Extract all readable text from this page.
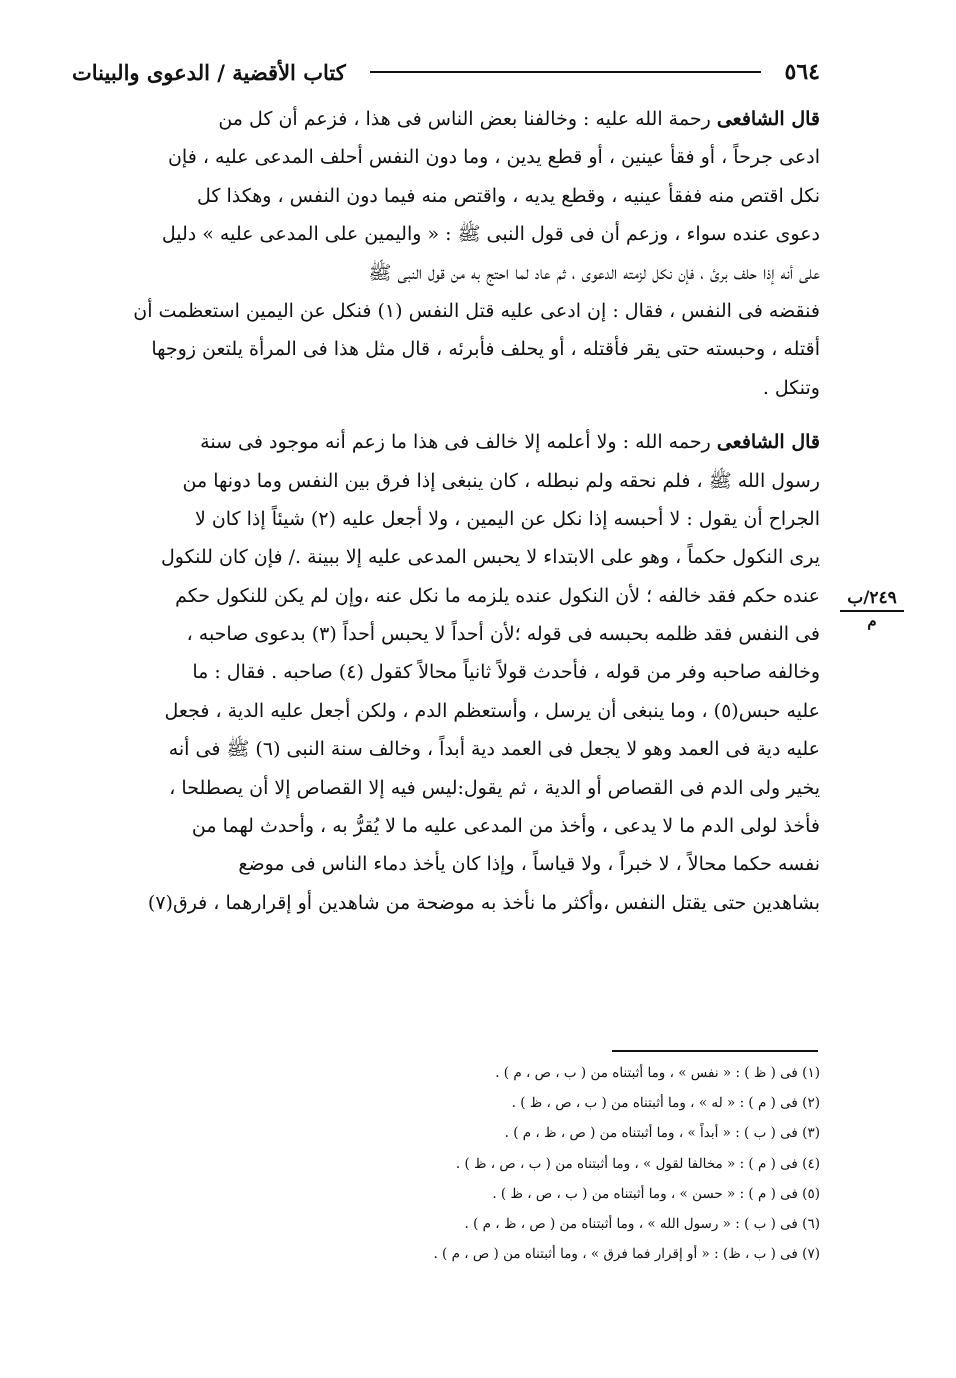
٥٦٤
كتاب الأقضية / الدعوى والبينات

قال الشافعى رحمة الله عليه : وخالفنا بعض الناس فى هذا ، فزعم أن كل من
ادعى جرحاً ، أو فقأ عينين ، أو قطع يدين ، وما دون النفس أحلف المدعى عليه ، فإن
نكل اقتص منه ففقأ عينيه ، وقطع يديه ، واقتص منه فيما دون النفس ، وهكذا كل
دعوى عنده سواء ، وزعم أن فى قول النبى ﷺ : « واليمين على المدعى عليه » دليل
على أنه إذا حلف برئ ، فإن نكل لزمته الدعوى ، ثم عاد لما احتج به من قول النبى ﷺ
فنقضه فى النفس ، فقال : إن ادعى عليه قتل النفس (١) فنكل عن اليمين استعظمت أن
أقتله ، وحبسته حتى يقر فأقتله ، أو يحلف فأبرئه ، قال مثل هذا فى المرأة يلتعن زوجها
وتنكل .

قال الشافعى رحمه الله : ولا أعلمه إلا خالف فى هذا ما زعم أنه موجود فى سنة
رسول الله ﷺ ، فلم نحقه ولم نبطله ، كان ينبغى إذا فرق بين النفس وما دونها من
الجراح أن يقول : لا أحبسه إذا نكل عن اليمين ، ولا أجعل عليه (٢) شيئاً إذا كان لا
يرى النكول حكماً ، وهو على الابتداء لا يحبس المدعى عليه إلا ببينة ./ فإن كان للنكول
عنده حكم فقد خالفه ؛ لأن النكول عنده يلزمه ما نكل عنه ،وإن لم يكن للنكول حكم
فى النفس فقد ظلمه بحبسه فى قوله ؛لأن أحداً لا يحبس أحداً (٣) بدعوى صاحبه ،
وخالفه صاحبه وفر من قوله ، فأحدث قولاً ثانياً محالاً كقول (٤) صاحبه . فقال : ما
عليه حبس(٥) ، وما ينبغى أن يرسل ، وأستعظم الدم ، ولكن أجعل عليه الدية ، فجعل
عليه دية فى العمد وهو لا يجعل فى العمد دية أبداً ، وخالف سنة النبى (٦) ﷺ فى أنه
يخير ولى الدم فى القصاص أو الدية ، ثم يقول:ليس فيه إلا القصاص إلا أن يصطلحا ،
فأخذ لولى الدم ما لا يدعى ، وأخذ من المدعى عليه ما لا يُقرُّ به ، وأحدث لهما من
نفسه حكما محالاً ، لا خبراً ، ولا قياساً ، وإذا كان يأخذ دماء الناس فى موضع
بشاهدين حتى يقتل النفس ،وأكثر ما نأخذ به موضحة من شاهدين أو إقرارهما ، فرق(٧)

٢٤٩/ب
م
(١) فى ( ظ ) : « نفس » ، وما أثبتناه من ( ب ، ص ، م ) .
(٢) فى ( م ) : « له » ، وما أثبتناه من ( ب ، ص ، ظ ) .
(٣) فى ( ب ) : « أبداً » ، وما أثبتناه من ( ص ، ظ ، م ) .
(٤) فى ( م ) : « مخالفا لقول » ، وما أثبتناه من ( ب ، ص ، ظ ) .
(٥) فى ( م ) : « حسن » ، وما أثبتناه من ( ب ، ص ، ظ ) .
(٦) فى ( ب ) : « رسول الله » ، وما أثبتناه من ( ص ، ظ ، م ) .
(٧) فى ( ب ، ظ) : « أو إقرار فما فرق » ، وما أثبتناه من ( ص ، م ) .
